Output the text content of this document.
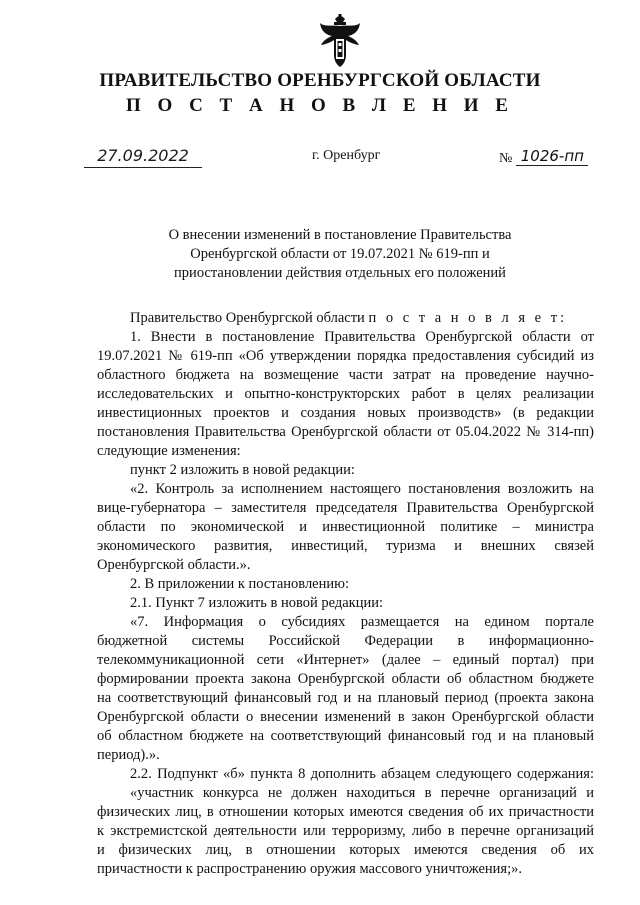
ПРАВИТЕЛЬСТВО ОРЕНБУРГСКОЙ ОБЛАСТИ
П О С Т А Н О В Л Е Н И Е
27.09.2022	г. Оренбург	№ 1026-пп
О внесении изменений в постановление Правительства
Оренбургской области от 19.07.2021 № 619-пп и
приостановлении действия отдельных его положений
Правительство Оренбургской области п о с т а н о в л я е т:
1. Внести в постановление Правительства Оренбургской области от
19.07.2021 № 619-пп «Об утверждении порядка предоставления субсидий из
областного бюджета на возмещение части затрат на проведение научно-
исследовательских и опытно-конструкторских работ в целях реализации
инвестиционных проектов и создания новых производств» (в редакции
постановления Правительства Оренбургской области от 05.04.2022 № 314-пп)
следующие изменения:
пункт 2 изложить в новой редакции:
«2. Контроль за исполнением настоящего постановления возложить на
вице-губернатора – заместителя председателя Правительства Оренбургской
области по экономической и инвестиционной политике – министра
экономического развития, инвестиций, туризма и внешних связей
Оренбургской области.».
2. В приложении к постановлению:
2.1. Пункт 7 изложить в новой редакции:
«7. Информация о субсидиях размещается на едином портале
бюджетной системы Российской Федерации в информационно-
телекоммуникационной сети «Интернет» (далее – единый портал) при
формировании проекта закона Оренбургской области об областном бюджете
на соответствующий финансовый год и на плановый период (проекта закона
Оренбургской области о внесении изменений в закон Оренбургской области
об областном бюджете на соответствующий финансовый год и на плановый
период).».
2.2. Подпункт «б» пункта 8 дополнить абзацем следующего содержания:
«участник конкурса не должен находиться в перечне организаций и
физических лиц, в отношении которых имеются сведения об их причастности
к экстремистской деятельности или терроризму, либо в перечне организаций
и физических лиц, в отношении которых имеются сведения об их
причастности к распространению оружия массового уничтожения;».
